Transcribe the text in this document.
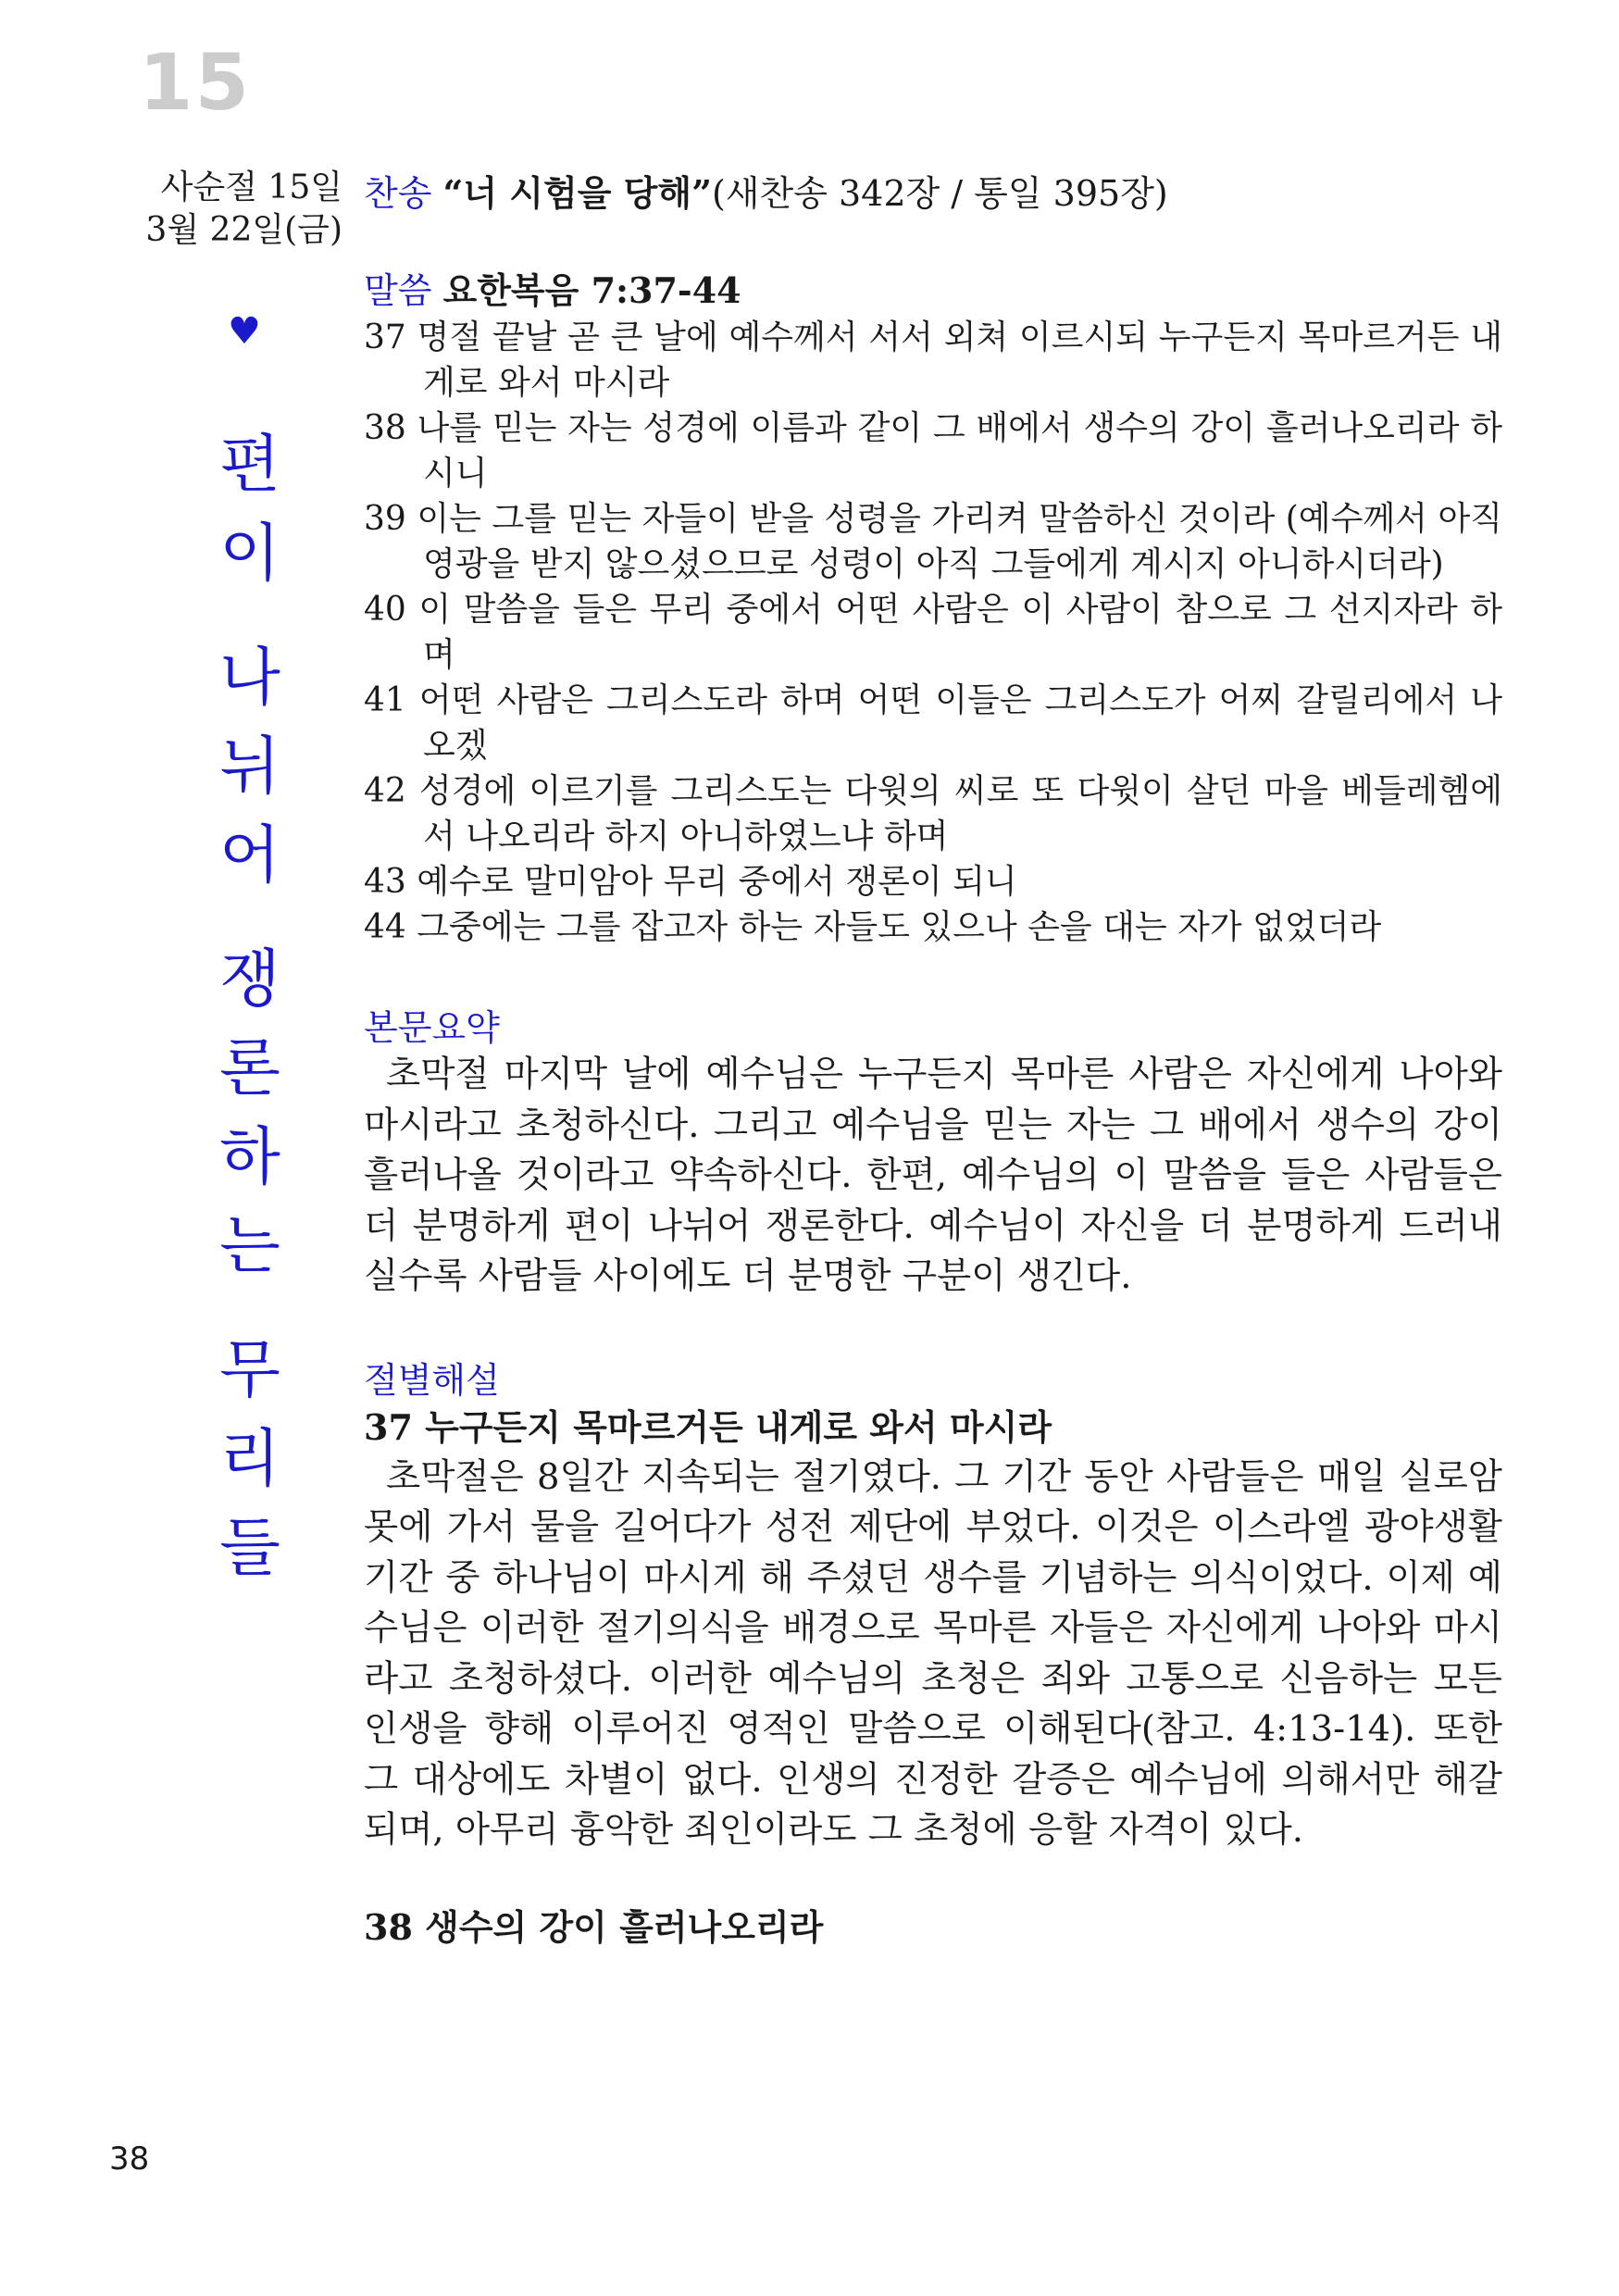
15
사순절 15일
3월 22일(금)
♥
편
이
나
뉘
어
쟁
론
하
는
무
리
들
찬송 “너 시험을 당해”(새찬송 342장 / 통일 395장)
말씀 요한복음 7:37-44
37 명절 끝날 곧 큰 날에 예수께서 서서 외쳐 이르시되 누구든지 목마르거든 내게로 와서 마시라
38 나를 믿는 자는 성경에 이름과 같이 그 배에서 생수의 강이 흘러나오리라 하시니
39 이는 그를 믿는 자들이 받을 성령을 가리켜 말씀하신 것이라 (예수께서 아직 영광을 받지 않으셨으므로 성령이 아직 그들에게 계시지 아니하시더라)
40 이 말씀을 들은 무리 중에서 어떤 사람은 이 사람이 참으로 그 선지자라 하며
41 어떤 사람은 그리스도라 하며 어떤 이들은 그리스도가 어찌 갈릴리에서 나오겠
42 성경에 이르기를 그리스도는 다윗의 씨로 또 다윗이 살던 마을 베들레헴에서 나오리라 하지 아니하였느냐 하며
43 예수로 말미암아 무리 중에서 쟁론이 되니
44 그중에는 그를 잡고자 하는 자들도 있으나 손을 대는 자가 없었더라
본문요약

초막절 마지막 날에 예수님은 누구든지 목마른 사람은 자신에게 나아와 마시라고 초청하신다. 그리고 예수님을 믿는 자는 그 배에서 생수의 강이 흘러나올 것이라고 약속하신다. 한편, 예수님의 이 말씀을 들은 사람들은 더 분명하게 편이 나뉘어 쟁론한다. 예수님이 자신을 더 분명하게 드러내실수록 사람들 사이에도 더 분명한 구분이 생긴다.

절별해설
37 누구든지 목마르거든 내게로 와서 마시라

초막절은 8일간 지속되는 절기였다. 그 기간 동안 사람들은 매일 실로암 못에 가서 물을 길어다가 성전 제단에 부었다. 이것은 이스라엘 광야생활 기간 중 하나님이 마시게 해 주셨던 생수를 기념하는 의식이었다. 이제 예수님은 이러한 절기의식을 배경으로 목마른 자들은 자신에게 나아와 마시라고 초청하셨다. 이러한 예수님의 초청은 죄와 고통으로 신음하는 모든 인생을 향해 이루어진 영적인 말씀으로 이해된다(참고. 4:13-14). 또한 그 대상에도 차별이 없다. 인생의 진정한 갈증은 예수님에 의해서만 해갈되며, 아무리 흉악한 죄인이라도 그 초청에 응할 자격이 있다.

38 생수의 강이 흘러나오리라
38
